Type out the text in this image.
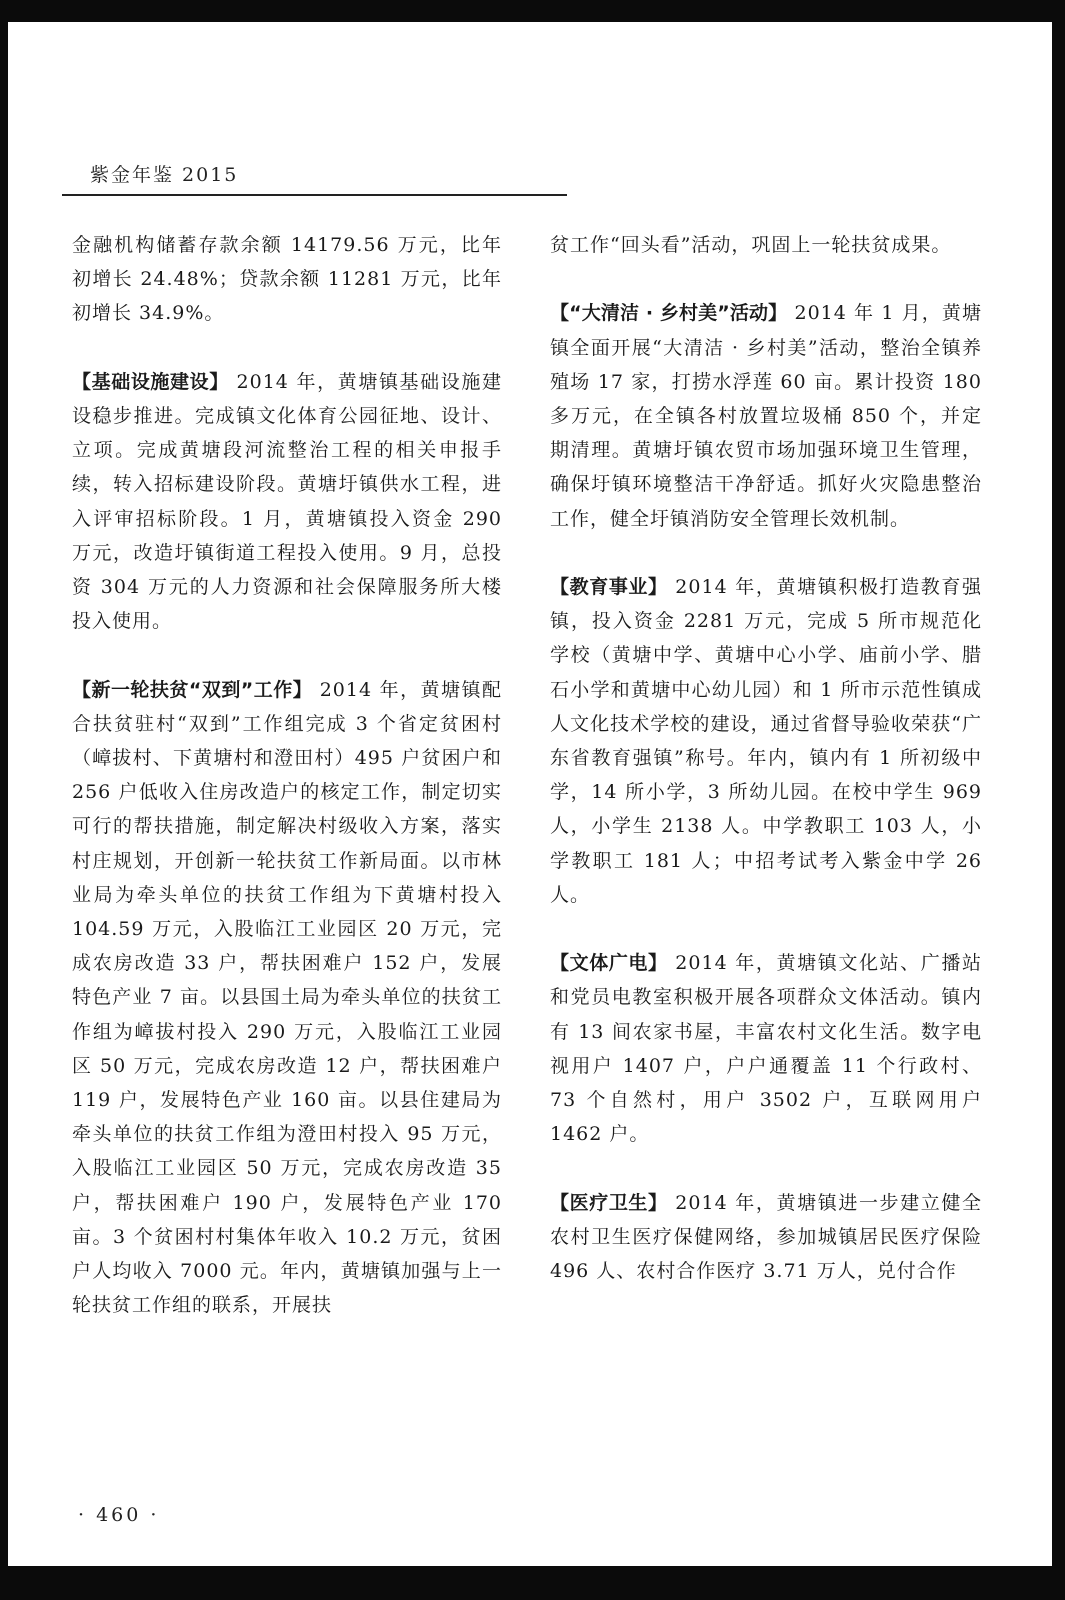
紫金年鉴 2015

金融机构储蓄存款余额 14179.56 万元，比年初增长 24.48%；贷款余额 11281 万元，比年初增长 34.9%。

【基础设施建设】 2014 年，黄塘镇基础设施建设稳步推进。完成镇文化体育公园征地、设计、立项。完成黄塘段河流整治工程的相关申报手续，转入招标建设阶段。黄塘圩镇供水工程，进入评审招标阶段。1 月，黄塘镇投入资金 290 万元，改造圩镇街道工程投入使用。9 月，总投资 304 万元的人力资源和社会保障服务所大楼投入使用。

【新一轮扶贫“双到”工作】 2014 年，黄塘镇配合扶贫驻村“双到”工作组完成 3 个省定贫困村（嶂拔村、下黄塘村和澄田村）495 户贫困户和 256 户低收入住房改造户的核定工作，制定切实可行的帮扶措施，制定解决村级收入方案，落实村庄规划，开创新一轮扶贫工作新局面。以市林业局为牵头单位的扶贫工作组为下黄塘村投入 104.59 万元，入股临江工业园区 20 万元，完成农房改造 33 户，帮扶困难户 152 户，发展特色产业 7 亩。以县国土局为牵头单位的扶贫工作组为嶂拔村投入 290 万元，入股临江工业园区 50 万元，完成农房改造 12 户，帮扶困难户 119 户，发展特色产业 160 亩。以县住建局为牵头单位的扶贫工作组为澄田村投入 95 万元，入股临江工业园区 50 万元，完成农房改造 35 户，帮扶困难户 190 户，发展特色产业 170 亩。3 个贫困村村集体年收入 10.2 万元，贫困户人均收入 7000 元。年内，黄塘镇加强与上一轮扶贫工作组的联系，开展扶

贫工作“回头看”活动，巩固上一轮扶贫成果。

【“大清洁 · 乡村美”活动】 2014 年 1 月，黄塘镇全面开展“大清洁 · 乡村美”活动，整治全镇养殖场 17 家，打捞水浮莲 60 亩。累计投资 180 多万元，在全镇各村放置垃圾桶 850 个，并定期清理。黄塘圩镇农贸市场加强环境卫生管理，确保圩镇环境整洁干净舒适。抓好火灾隐患整治工作，健全圩镇消防安全管理长效机制。

【教育事业】 2014 年，黄塘镇积极打造教育强镇，投入资金 2281 万元，完成 5 所市规范化学校（黄塘中学、黄塘中心小学、庙前小学、腊石小学和黄塘中心幼儿园）和 1 所市示范性镇成人文化技术学校的建设，通过省督导验收荣获“广东省教育强镇”称号。年内，镇内有 1 所初级中学，14 所小学，3 所幼儿园。在校中学生 969 人，小学生 2138 人。中学教职工 103 人，小学教职工 181 人；中招考试考入紫金中学 26 人。

【文体广电】 2014 年，黄塘镇文化站、广播站和党员电教室积极开展各项群众文体活动。镇内有 13 间农家书屋，丰富农村文化生活。数字电视用户 1407 户，户户通覆盖 11 个行政村、73 个自然村，用户 3502 户，互联网用户 1462 户。

【医疗卫生】 2014 年，黄塘镇进一步建立健全农村卫生医疗保健网络，参加城镇居民医疗保险 496 人、农村合作医疗 3.71 万人，兑付合作

· 460 ·
